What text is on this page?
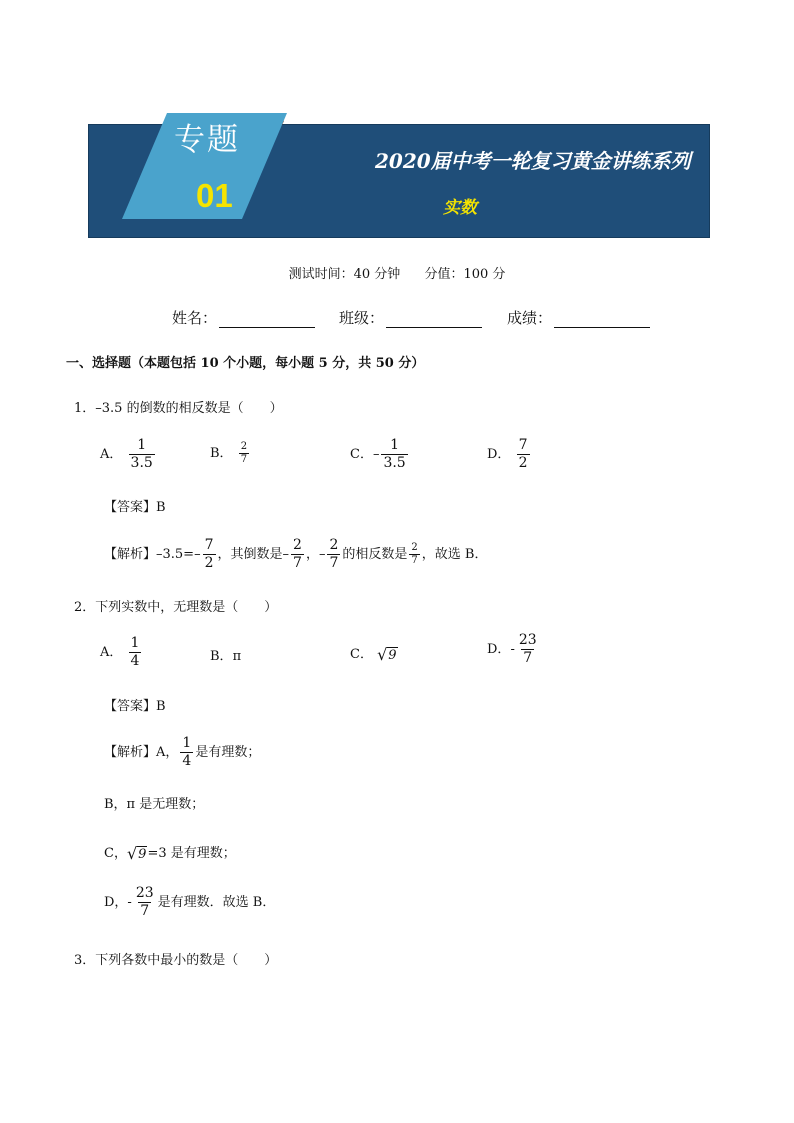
专题
01
2020届中考一轮复习黄金讲练系列
实数
测试时间：40 分钟 分值：100 分
姓名：	班级：	成绩：
一、选择题（本题包括 10 个小题，每小题 5 分，共 50 分）
1．–3.5 的倒数的相反数是（　　）
A． $\frac{1}{3.5}$	B． $\frac{2}{7}$	C．– $\frac{1}{3.5}$	D． $\frac{7}{2}$
【答案】B
【解析】$-3.5=- \frac{7}{2}$ ，其倒数是– $\frac{2}{7}$ ，– $\frac{2}{7}$ 的相反数是 $\frac{2}{7}$ ，故选 B．
2．下列实数中，无理数是（　　）
A． $\frac{1}{4}$	B．π	C． √ 9	D．- $\frac{23}{7}$
【答案】B
【解析】A， $\frac{1}{4}$ 是有理数；
B，π 是无理数；
C， √ 9 =3 是有理数；
D，- $\frac{23}{7}$ 是有理数．故选 B．
3．下列各数中最小的数是（　　）
